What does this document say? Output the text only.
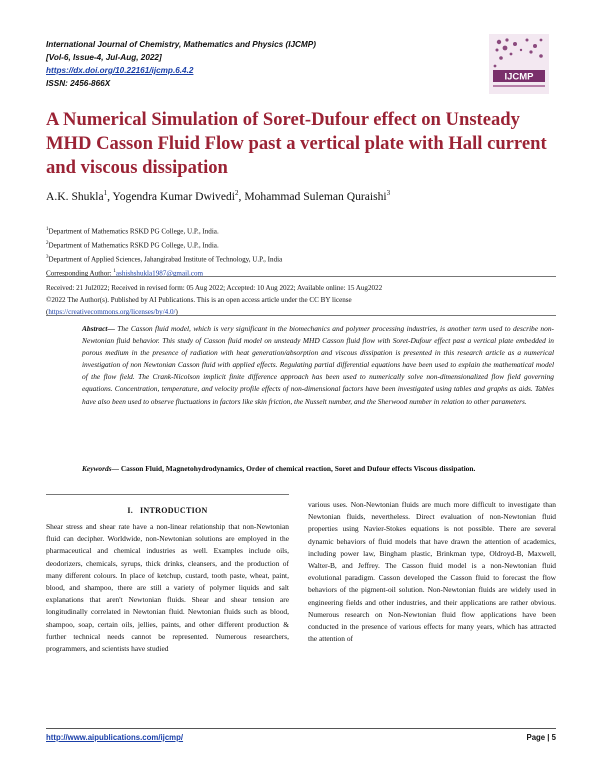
International Journal of Chemistry, Mathematics and Physics (IJCMP)
[Vol-6, Issue-4, Jul-Aug, 2022]
https://dx.doi.org/10.22161/ijcmp.6.4.2
ISSN: 2456-866X
IJCMP
A Numerical Simulation of Soret-Dufour effect on Unsteady MHD Casson Fluid Flow past a vertical plate with Hall current and viscous dissipation
A.K. Shukla$^1$, Yogendra Kumar Dwivedi$^2$, Mohammad Suleman Quraishi$^3$
$^1$Department of Mathematics RSKD PG College, U.P., India.
$^2$Department of Mathematics RSKD PG College, U.P., India.
$^3$Department of Applied Sciences, Jahangirabad Institute of Technology, U.P., India
Corresponding Author: $^1$ashishshukla1987@gmail.com
Received: 21 Jul2022; Received in revised form: 05 Aug 2022; Accepted: 10 Aug 2022; Available online: 15 Aug2022
©2022 The Author(s). Published by AI Publications. This is an open access article under the CC BY license
(https://creativecommons.org/licenses/by/4.0/)
Abstract— The Casson fluid model, which is very significant in the biomechanics and polymer processing industries, is another term used to describe non-Newtonian fluid behavior. This study of Casson fluid model on unsteady MHD Casson fluid flow with Soret-Dufour effect past a vertical plate embedded in porous medium in the presence of radiation with heat generation/absorption and viscous dissipation is presented in this research article as a numerical investigation of non Newtonian Casson fluid with applied effects. Regulating partial differential equations have been used to explain the mathematical model of the flow field. The Crank-Nicolson implicit finite difference approach has been used to numerically solve non-dimensionalized flow field governing equations. Concentration, temperature, and velocity profile effects of non-dimensional factors have been investigated using tables and graphs as aids. Tables have also been used to observe fluctuations in factors like skin friction, the Nusselt number, and the Sherwood number in relation to other parameters.
Keywords— Casson Fluid, Magnetohydrodynamics, Order of chemical reaction, Soret and Dufour effects Viscous dissipation.
I. INTRODUCTION
Shear stress and shear rate have a non-linear relationship that non-Newtonian fluid can decipher. Worldwide, non-Newtonian solutions are employed in the pharmaceutical and chemical industries as well. Examples include oils, deodorizers, chemicals, syrups, thick drinks, cleansers, and the production of many different colours. In place of ketchup, custard, tooth paste, wheat, paint, blood, and shampoo, there are still a variety of polymer liquids and salt explanations that aren't Newtonian fluids. Shear and shear tension are longitudinally correlated in Newtonian fluid. Newtonian fluids such as blood, shampoo, soap, certain oils, jellies, paints, and other different production & further technical needs cannot be represented. Numerous researchers, programmers, and scientists have studied
various uses. Non-Newtonian fluids are much more difficult to investigate than Newtonian fluids, nevertheless. Direct evaluation of non-Newtonian fluid properties using Navier-Stokes equations is not possible. There are several dynamic behaviors of fluid models that have drawn the attention of academics, including power law, Bingham plastic, Brinkman type, Oldroyd-B, Maxwell, Walter-B, and Jeffrey. The Casson fluid model is a non-Newtonian fluid evolutional paradigm. Casson developed the Casson fluid to forecast the flow behaviors of the pigment-oil solution. Non-Newtonian fluids are widely used in engineering fields and other industries, and their applications are rather obvious. Numerous research on Non-Newtonian fluid flow applications have been conducted in the presence of various effects for many years, which has attracted the attention of
http://www.aipublications.com/ijcmp/	Page | 5
